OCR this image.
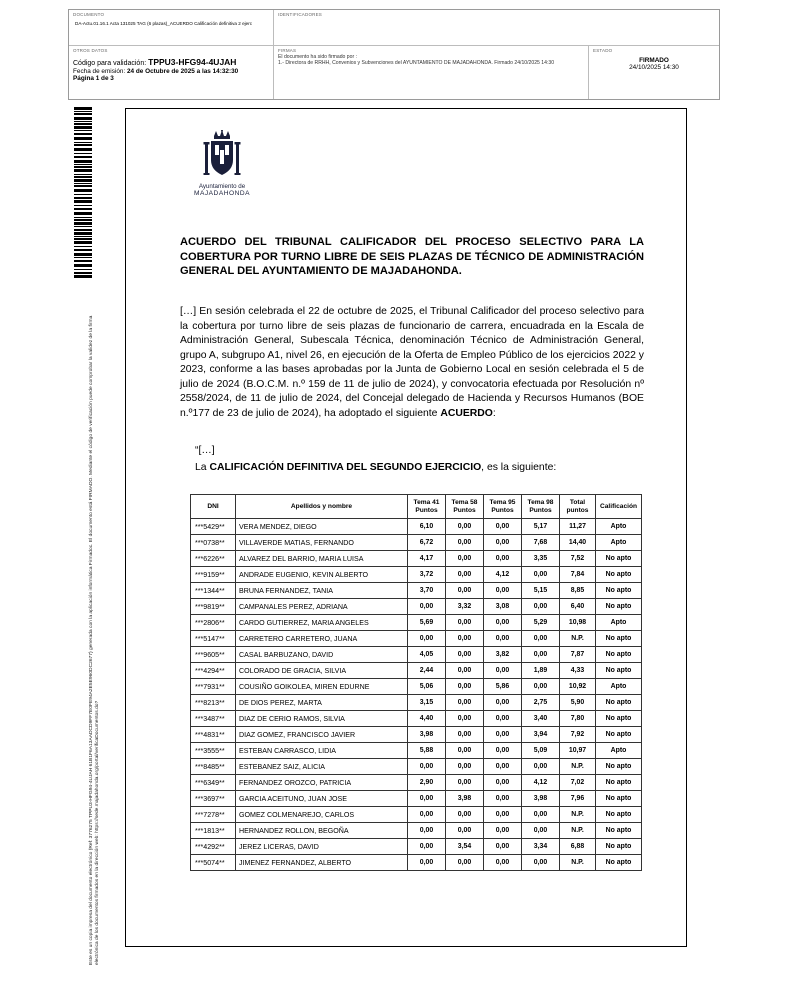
DOCUMENTO
DA-Actu.01.16.1 Acta 131025 TAG (6 plazas)_ACUERDO Calificación definitiva 2 ejerc
IDENTIFICADORES
OTROS DATOS
Código para validación: TPPU3-HFG94-4UJAH
Fecha de emisión: 24 de Octubre de 2025 a las 14:32:30
Página 1 de 3
FIRMAS
El documento ha sido firmado por :
1.- Directora de RRHH, Convenios y Subvenciones del AYUNTAMIENTO DE MAJADAHONDA. Firmado 24/10/2025 14:30
ESTADO
FIRMADO
24/10/2025 14:30
Este es un copia impresa del documento electrónico (Ref: 3776275 TPPU3-HFG94-4UJAH 61B1F6A13AADCD9FF7E0FE94A2E5E960DC2677) generada con la aplicación informática Firmadoc. El documento está FIRMADO. Mediante el código de verificación puede comprobar la validez de la firma electrónica de los documentos firmados en la dirección web: https://sede.majadahonda.org/portal/verificaDocumentos.do?
Ayuntamiento de
MAJADAHONDA
ACUERDO DEL TRIBUNAL CALIFICADOR DEL PROCESO SELECTIVO PARA LA COBERTURA POR TURNO LIBRE DE SEIS PLAZAS DE TÉCNICO DE ADMINISTRACIÓN GENERAL DEL AYUNTAMIENTO DE MAJADAHONDA.
[…] En sesión celebrada el 22 de octubre de 2025, el Tribunal Calificador del proceso selectivo para la cobertura por turno libre de seis plazas de funcionario de carrera, encuadrada en la Escala de Administración General, Subescala Técnica, denominación Técnico de Administración General, grupo A, subgrupo A1, nivel 26, en ejecución de la Oferta de Empleo Público de los ejercicios 2022 y 2023, conforme a las bases aprobadas por la Junta de Gobierno Local en sesión celebrada el 5 de julio de 2024 (B.O.C.M. n.º 159 de 11 de julio de 2024), y convocatoria efectuada por Resolución nº 2558/2024, de 11 de julio de 2024, del Concejal delegado de Hacienda y Recursos Humanos (BOE n.º177 de 23 de julio de 2024), ha adoptado el siguiente ACUERDO:
“[…]
La CALIFICACIÓN DEFINITIVA DEL SEGUNDO EJERCICIO, es la siguiente:
DNI	Apellidos y nombre	Tema 41 Puntos	Tema 58 Puntos	Tema 95 Puntos	Tema 98 Puntos	Total puntos	Calificación
***5429**	VERA MENDEZ, DIEGO	6,10	0,00	0,00	5,17	11,27	Apto
***0738**	VILLAVERDE MATIAS, FERNANDO	6,72	0,00	0,00	7,68	14,40	Apto
***6226**	ALVAREZ DEL BARRIO, MARIA LUISA	4,17	0,00	0,00	3,35	7,52	No apto
***9159**	ANDRADE EUGENIO, KEVIN ALBERTO	3,72	0,00	4,12	0,00	7,84	No apto
***1344**	BRUNA FERNANDEZ, TANIA	3,70	0,00	0,00	5,15	8,85	No apto
***9819**	CAMPANALES PEREZ, ADRIANA	0,00	3,32	3,08	0,00	6,40	No apto
***2806**	CARDO GUTIERREZ, MARIA ANGELES	5,69	0,00	0,00	5,29	10,98	Apto
***5147**	CARRETERO CARRETERO, JUANA	0,00	0,00	0,00	0,00	N.P.	No apto
***9605**	CASAL BARBUZANO, DAVID	4,05	0,00	3,82	0,00	7,87	No apto
***4294**	COLORADO DE GRACIA, SILVIA	2,44	0,00	0,00	1,89	4,33	No apto
***7931**	COUSIÑO GOIKOLEA, MIREN EDURNE	5,06	0,00	5,86	0,00	10,92	Apto
***8213**	DE DIOS PEREZ, MARTA	3,15	0,00	0,00	2,75	5,90	No apto
***3487**	DIAZ DE CERIO RAMOS, SILVIA	4,40	0,00	0,00	3,40	7,80	No apto
***4831**	DIAZ GOMEZ, FRANCISCO JAVIER	3,98	0,00	0,00	3,94	7,92	No apto
***3555**	ESTEBAN CARRASCO, LIDIA	5,88	0,00	0,00	5,09	10,97	Apto
***8485**	ESTEBANEZ SAIZ, ALICIA	0,00	0,00	0,00	0,00	N.P.	No apto
***6349**	FERNANDEZ OROZCO, PATRICIA	2,90	0,00	0,00	4,12	7,02	No apto
***3697**	GARCIA ACEITUNO, JUAN JOSE	0,00	3,98	0,00	3,98	7,96	No apto
***7278**	GOMEZ COLMENAREJO, CARLOS	0,00	0,00	0,00	0,00	N.P.	No apto
***1813**	HERNANDEZ ROLLON, BEGOÑA	0,00	0,00	0,00	0,00	N.P.	No apto
***4292**	JEREZ LICERAS, DAVID	0,00	3,54	0,00	3,34	6,88	No apto
***5074**	JIMENEZ FERNANDEZ, ALBERTO	0,00	0,00	0,00	0,00	N.P.	No apto
